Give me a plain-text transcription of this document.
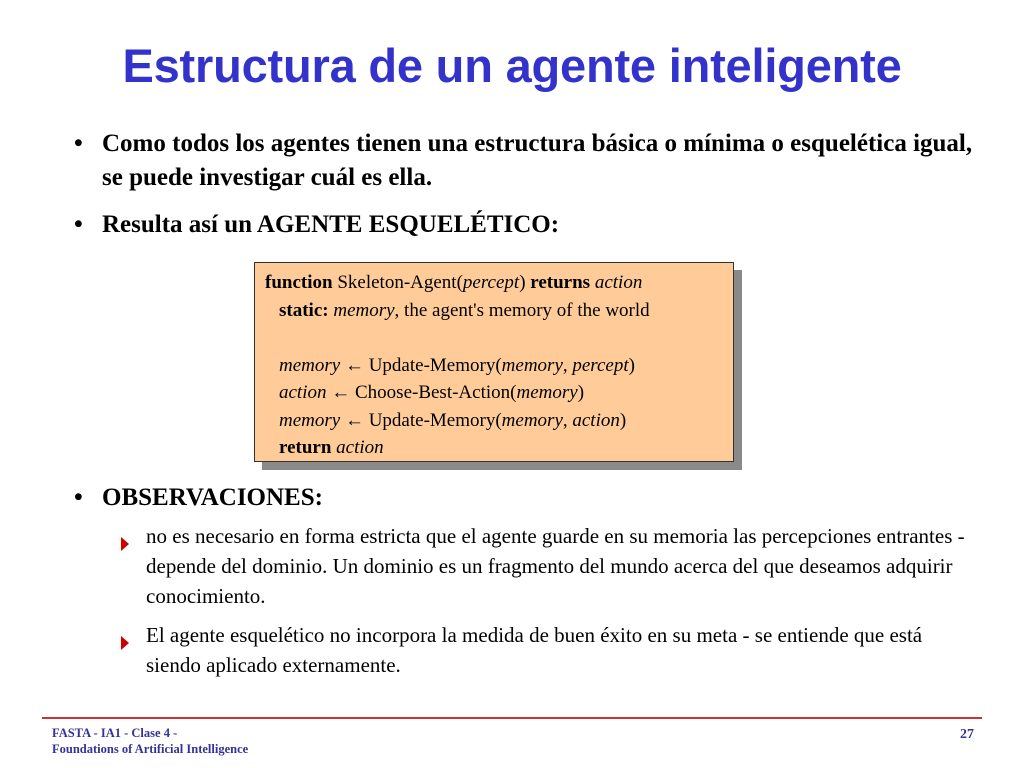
Estructura de un agente inteligente
• Como todos los agentes tienen una estructura básica o mínima o esquelética igual, se puede investigar cuál es ella.
• Resulta así un AGENTE ESQUELÉTICO:
function Skeleton-Agent(percept) returns action
static: memory, the agent's memory of the world
memory ← Update-Memory(memory, percept)
action ← Choose-Best-Action(memory)
memory ← Update-Memory(memory, action)
return action
• OBSERVACIONES:
no es necesario en forma estricta que el agente guarde en su memoria las percepciones entrantes - depende del dominio. Un dominio es un fragmento del mundo acerca del que deseamos adquirir conocimiento.
El agente esquelético no incorpora la medida de buen éxito en su meta - se entiende que está siendo aplicado externamente.
FASTA - IA1 - Clase 4 -
Foundations of Artificial Intelligence
27
